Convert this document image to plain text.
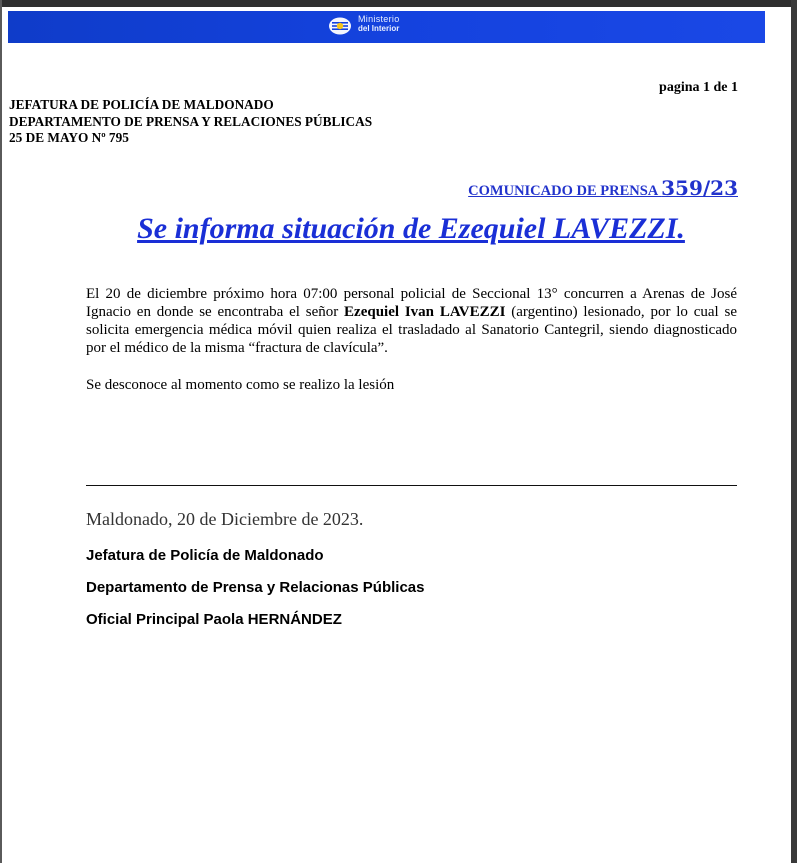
Ministerio
del Interior
pagina 1 de 1
JEFATURA DE POLICÍA DE MALDONADO
DEPARTAMENTO DE PRENSA Y RELACIONES PÚBLICAS
25 DE MAYO Nº 795
COMUNICADO DE PRENSA 359/23
Se informa situación de Ezequiel LAVEZZI.

El 20 de diciembre próximo hora 07:00 personal policial de Seccional 13° concurren a Arenas de José Ignacio en donde se encontraba el señor Ezequiel Ivan LAVEZZI (argentino) lesionado, por lo cual se solicita emergencia médica móvil quien realiza el trasladado al Sanatorio Cantegril, siendo diagnosticado por el médico de la misma “fractura de clavícula”.

Se desconoce al momento como se realizo la lesión

Maldonado, 20 de Diciembre de 2023.
Jefatura de Policía de Maldonado
Departamento de Prensa y Relacionas Públicas
Oficial Principal Paola HERNÁNDEZ
